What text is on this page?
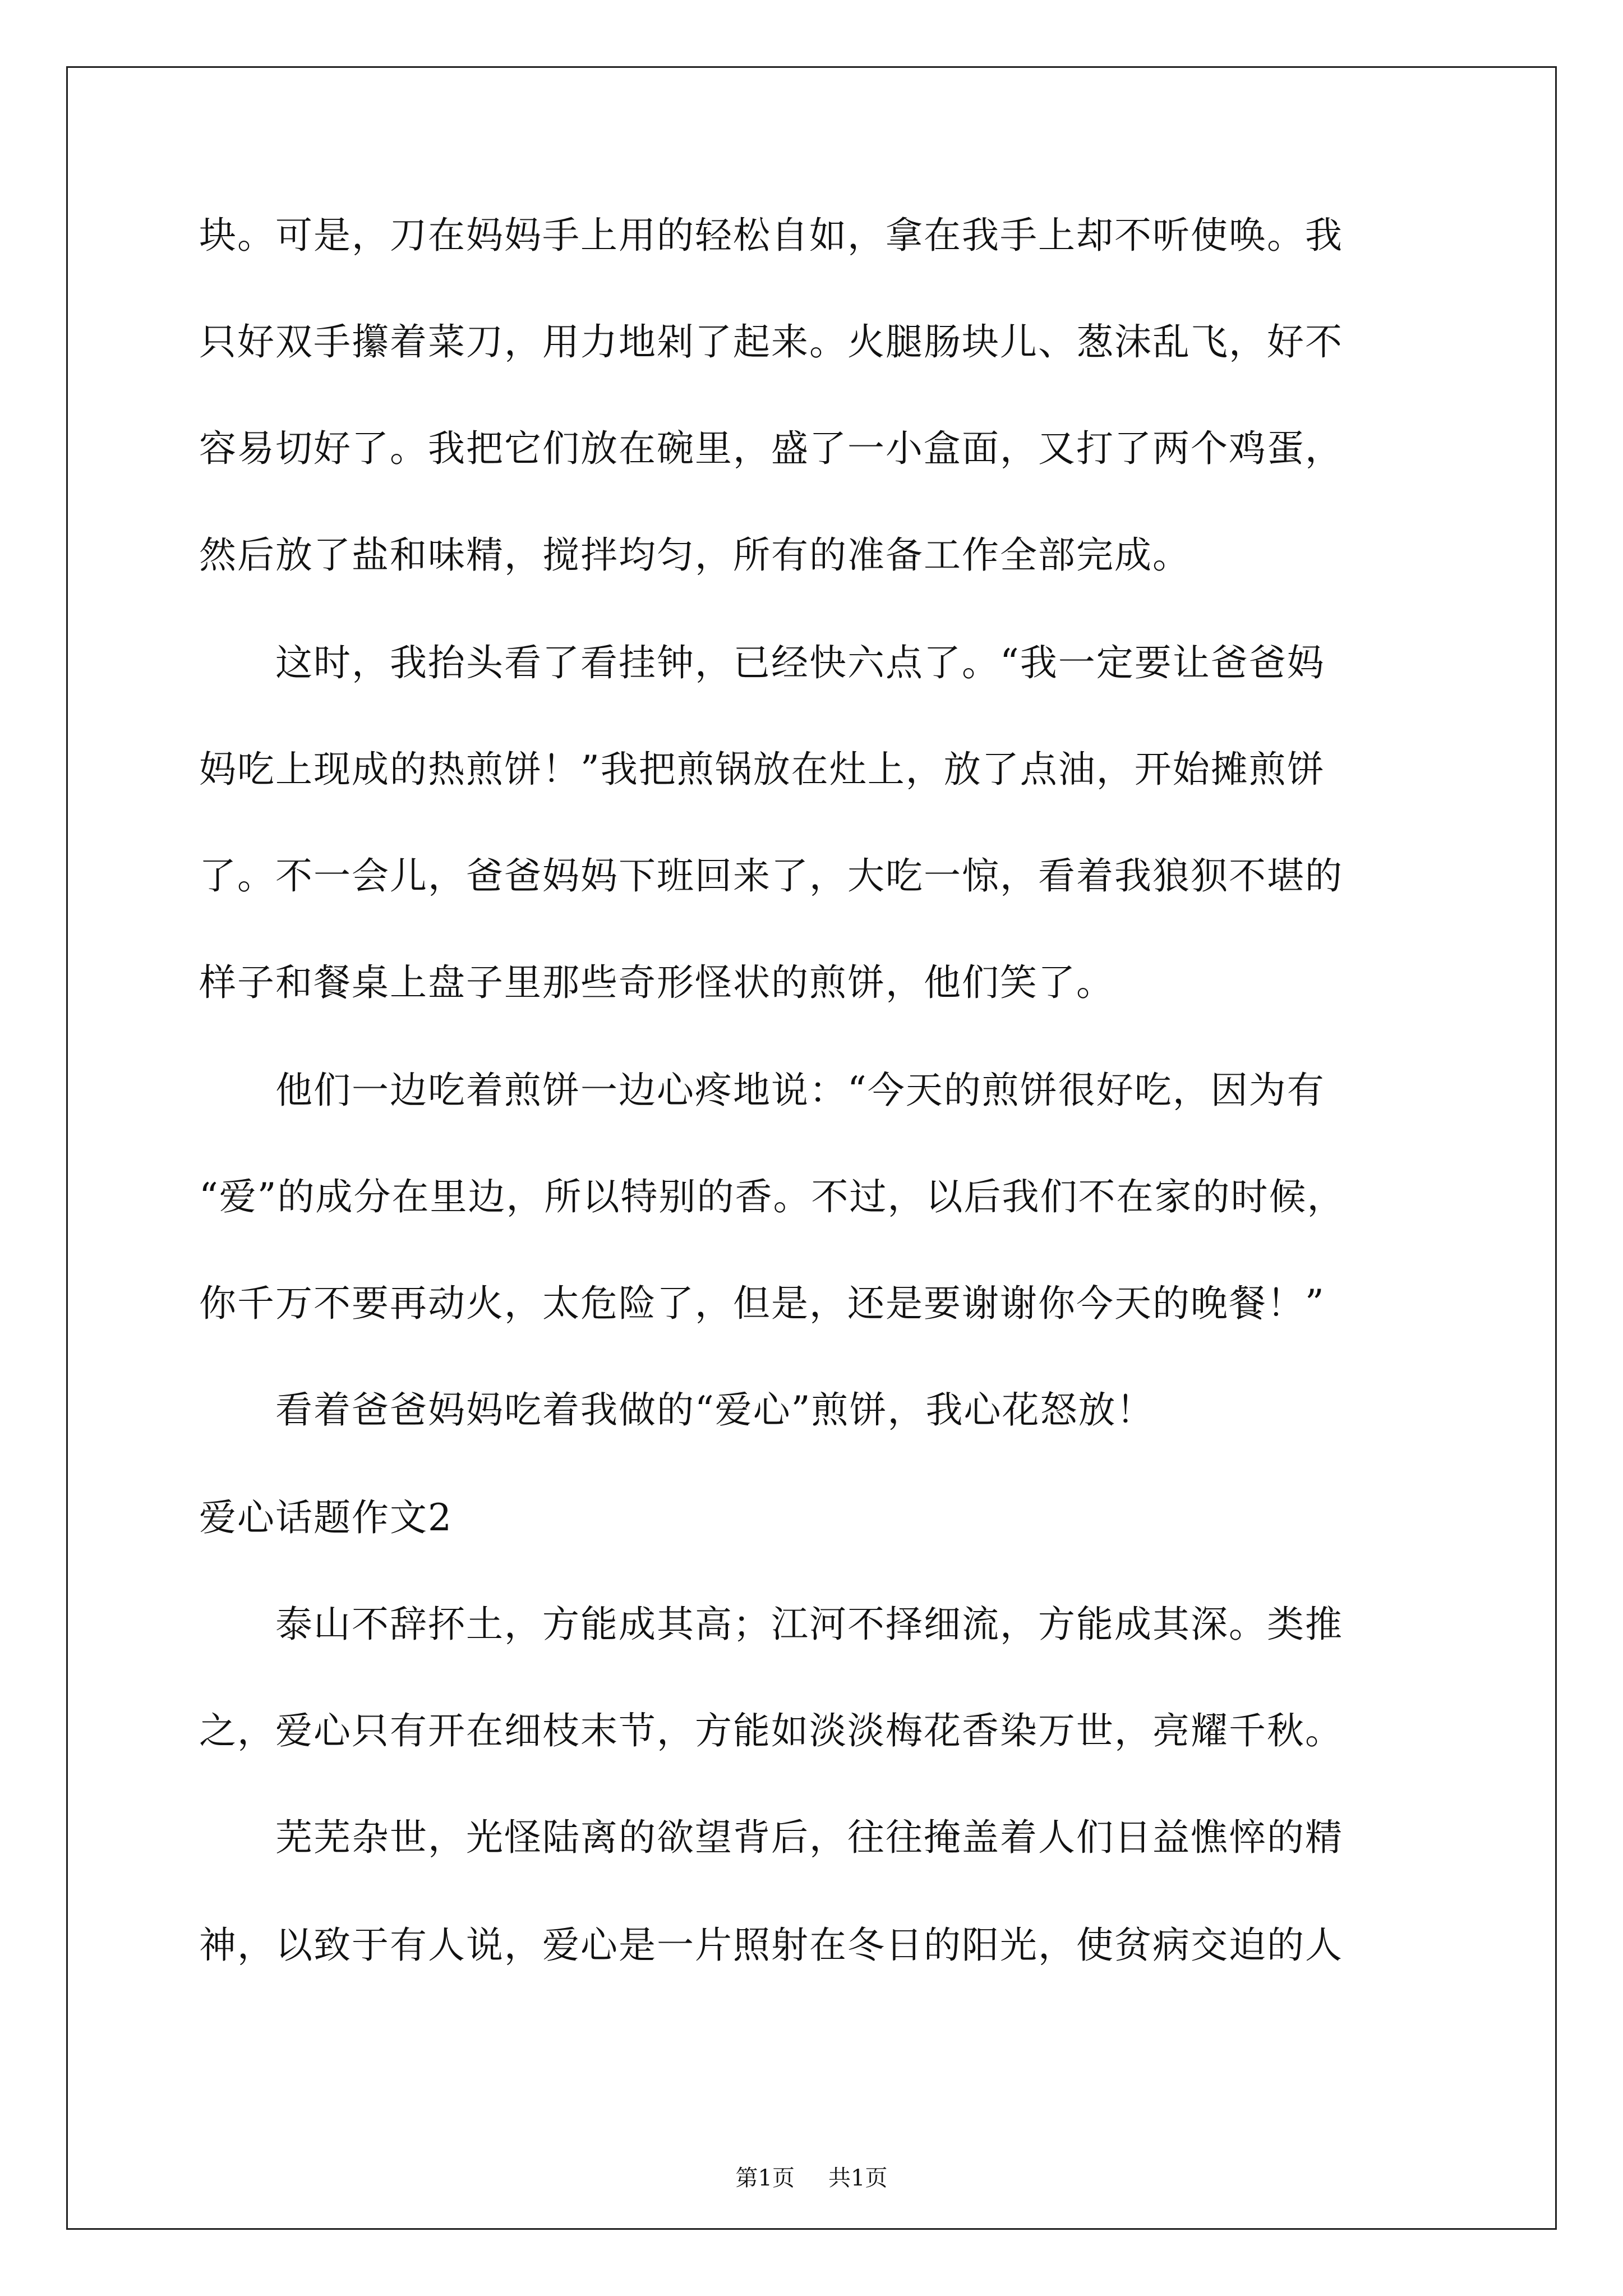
块。可是，刀在妈妈手上用的轻松自如，拿在我手上却不听使唤。我
只好双手攥着菜刀，用力地剁了起来。火腿肠块儿、葱沫乱飞，好不
容易切好了。我把它们放在碗里，盛了一小盒面，又打了两个鸡蛋，
然后放了盐和味精，搅拌均匀，所有的准备工作全部完成。
　　这时，我抬头看了看挂钟，已经快六点了。“我一定要让爸爸妈
妈吃上现成的热煎饼！”我把煎锅放在灶上，放了点油，开始摊煎饼
了。不一会儿，爸爸妈妈下班回来了，大吃一惊，看着我狼狈不堪的
样子和餐桌上盘子里那些奇形怪状的煎饼，他们笑了。
　　他们一边吃着煎饼一边心疼地说：“今天的煎饼很好吃，因为有
“爱”的成分在里边，所以特别的香。不过，以后我们不在家的时候，
你千万不要再动火，太危险了，但是，还是要谢谢你今天的晚餐！”
　　看着爸爸妈妈吃着我做的“爱心”煎饼，我心花怒放！
爱心话题作文2
　　泰山不辞抔土，方能成其高；江河不择细流，方能成其深。类推
之，爱心只有开在细枝末节，方能如淡淡梅花香染万世，亮耀千秋。
　　芜芜杂世，光怪陆离的欲望背后，往往掩盖着人们日益憔悴的精
神，以致于有人说，爱心是一片照射在冬日的阳光，使贫病交迫的人
第1页 共1页
